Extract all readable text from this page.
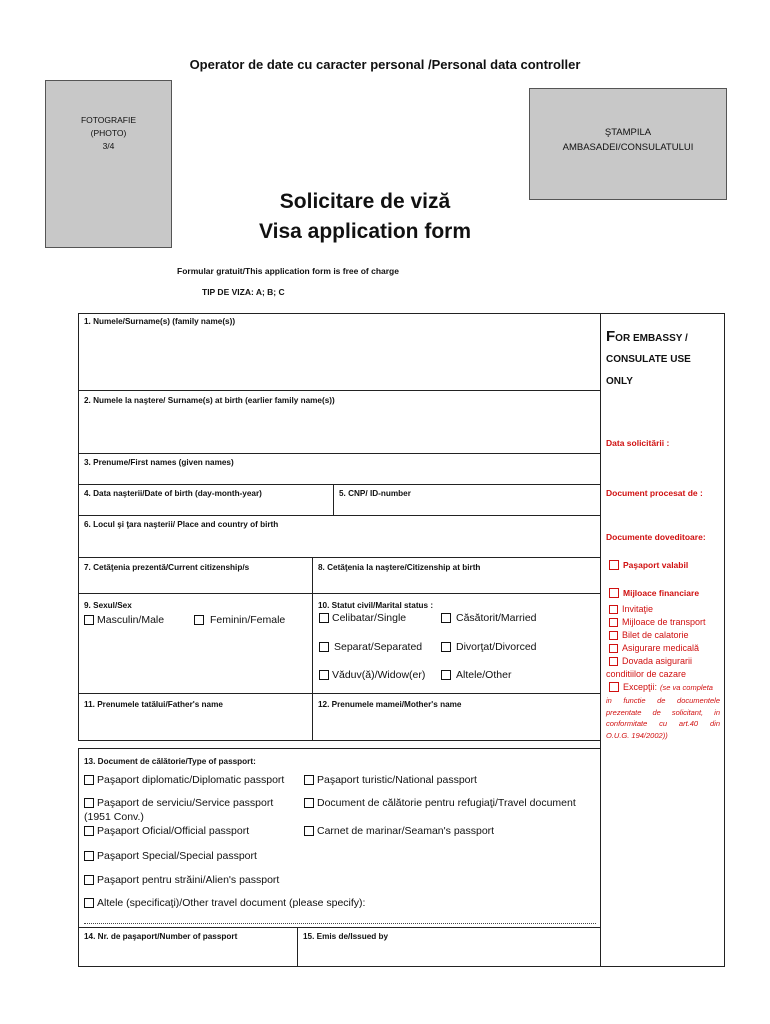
Operator de date cu caracter personal /Personal data controller
FOTOGRAFIE
(PHOTO)
3/4
ŞTAMPILA
AMBASADEI/CONSULATULUI
Solicitare de viză
Visa application form
Formular gratuit/This application form is free of charge
TIP DE VIZA: A; B; C
1. Numele/Surname(s) (family name(s))
2. Numele la naştere/ Surname(s) at birth (earlier family name(s))
3. Prenume/First names (given names)
4. Data naşterii/Date of birth (day-month-year)	5. CNP/ ID-number
6. Locul şi ţara naşterii/ Place and country of birth
7. Cetăţenia prezentă/Current citizenship/s	8. Cetăţenia la naştere/Citizenship at birth
9. Sexul/Sex
Masculin/Male	Feminin/Female
10. Statut civil/Marital status :
Celibatar/Single	Căsătorit/Married
Separat/Separated	Divorţat/Divorced
Văduv(ă)/Widow(er)	Altele/Other
11. Prenumele tatălui/Father's name	12. Prenumele mamei/Mother's name
13. Document de călătorie/Type of passport:
Paşaport diplomatic/Diplomatic passport	Paşaport turistic/National passport
Paşaport de serviciu/Service passport	Document de călătorie pentru refugiaţi/Travel document
(1951 Conv.)
Paşaport Oficial/Official passport	Carnet de marinar/Seaman's passport
Paşaport Special/Special passport
Paşaport pentru străini/Alien's passport
Altele (specificaţi)/Other travel document (please specify):
14. Nr. de paşaport/Number of passport	15. Emis de/Issued by
FOR EMBASSY /
CONSULATE USE
ONLY
Data solicitării :
Document procesat de :
Documente doveditoare:
Paşaport valabil
Mijloace financiare
Invitaţie
Mijloace de transport
Bilet de calatorie
Asigurare medicală
Dovada asigurarii
conditiilor de cazare
Excepţii: (se va completa
in functie de documentele
prezentate de solicitant, in
conformitate cu art.40 din
O.U.G. 194/2002))
